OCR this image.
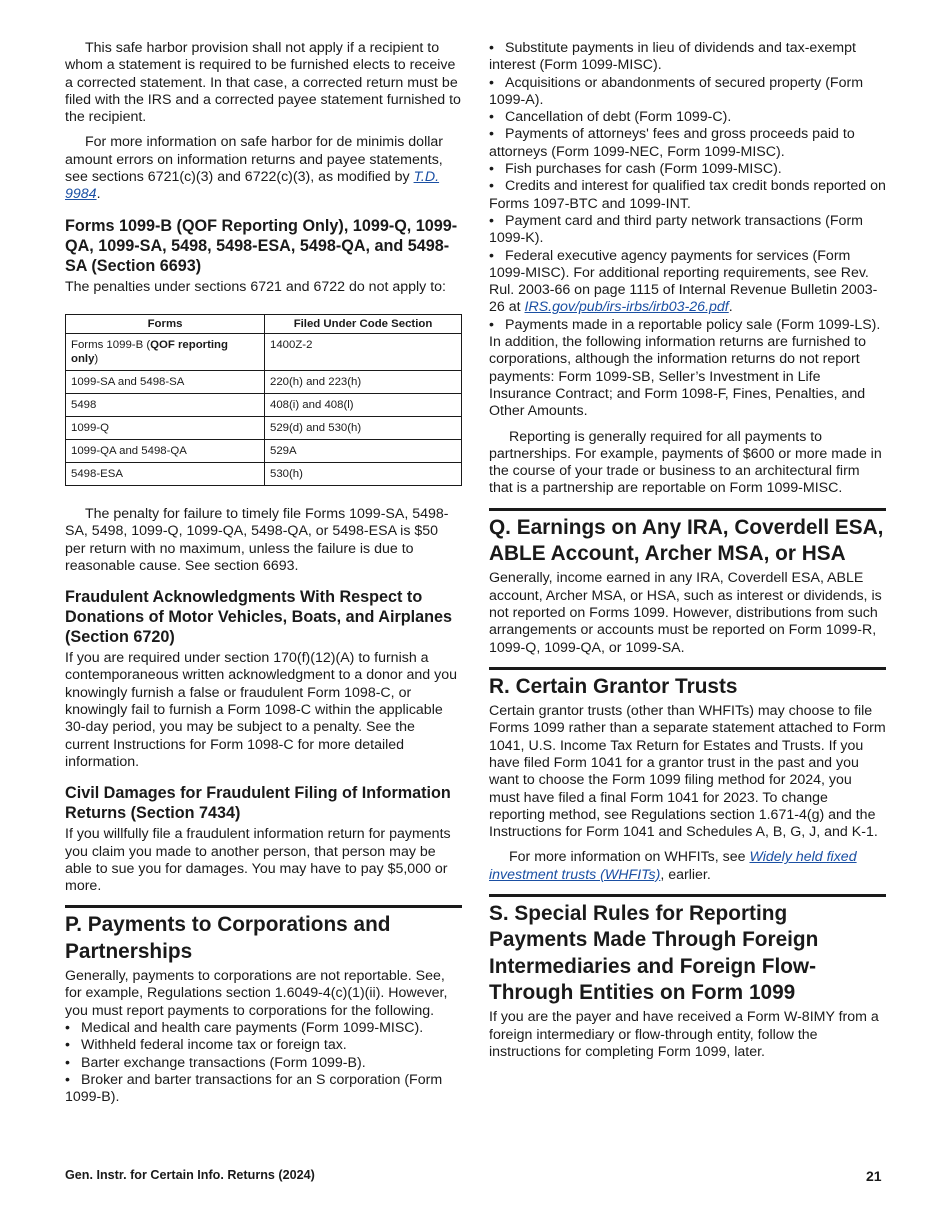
This safe harbor provision shall not apply if a recipient to whom a statement is required to be furnished elects to receive a corrected statement. In that case, a corrected return must be filed with the IRS and a corrected payee statement furnished to the recipient.

For more information on safe harbor for de minimis dollar amount errors on information returns and payee statements, see sections 6721(c)(3) and 6722(c)(3), as modified by T.D. 9984.

Forms 1099-B (QOF Reporting Only), 1099-Q, 1099-QA, 1099-SA, 5498, 5498-ESA, 5498-QA, and 5498-SA (Section 6693)

The penalties under sections 6721 and 6722 do not apply to:

Forms	Filed Under Code Section
Forms 1099-B (QOF reporting
only)	1400Z-2
1099-SA and 5498-SA	220(h) and 223(h)
5498	408(i) and 408(l)
1099-Q	529(d) and 530(h)
1099-QA and 5498-QA	529A
5498-ESA	530(h)

The penalty for failure to timely file Forms 1099-SA, 5498-SA, 5498, 1099-Q, 1099-QA, 5498-QA, or 5498-ESA is $50 per return with no maximum, unless the failure is due to reasonable cause. See section 6693.

Fraudulent Acknowledgments With Respect to Donations of Motor Vehicles, Boats, and Airplanes (Section 6720)

If you are required under section 170(f)(12)(A) to furnish a contemporaneous written acknowledgment to a donor and you knowingly furnish a false or fraudulent Form 1098-C, or knowingly fail to furnish a Form 1098-C within the applicable 30-day period, you may be subject to a penalty. See the current Instructions for Form 1098-C for more detailed information.

Civil Damages for Fraudulent Filing of Information Returns (Section 7434)

If you willfully file a fraudulent information return for payments you claim you made to another person, that person may be able to sue you for damages. You may have to pay $5,000 or more.

P. Payments to Corporations and Partnerships

Generally, payments to corporations are not reportable. See, for example, Regulations section 1.6049-4(c)(1)(ii). However, you must report payments to corporations for the following.

• Medical and health care payments (Form 1099-MISC).
• Withheld federal income tax or foreign tax.
• Barter exchange transactions (Form 1099-B).
• Broker and barter transactions for an S corporation (Form 1099-B).
• Substitute payments in lieu of dividends and tax-exempt interest (Form 1099-MISC).
• Acquisitions or abandonments of secured property (Form 1099-A).
• Cancellation of debt (Form 1099-C).
• Payments of attorneys' fees and gross proceeds paid to attorneys (Form 1099-NEC, Form 1099-MISC).
• Fish purchases for cash (Form 1099-MISC).
• Credits and interest for qualified tax credit bonds reported on Forms 1097-BTC and 1099-INT.
• Payment card and third party network transactions (Form 1099-K).
• Federal executive agency payments for services (Form 1099-MISC). For additional reporting requirements, see Rev. Rul. 2003-66 on page 1115 of Internal Revenue Bulletin 2003-26 at IRS.gov/pub/irs-irbs/irb03-26.pdf.
• Payments made in a reportable policy sale (Form 1099-LS). In addition, the following information returns are furnished to corporations, although the information returns do not report payments: Form 1099-SB, Seller’s Investment in Life Insurance Contract; and Form 1098-F, Fines, Penalties, and Other Amounts.

Reporting is generally required for all payments to partnerships. For example, payments of $600 or more made in the course of your trade or business to an architectural firm that is a partnership are reportable on Form 1099-MISC.

Q. Earnings on Any IRA, Coverdell ESA, ABLE Account, Archer MSA, or HSA

Generally, income earned in any IRA, Coverdell ESA, ABLE account, Archer MSA, or HSA, such as interest or dividends, is not reported on Forms 1099. However, distributions from such arrangements or accounts must be reported on Form 1099-R, 1099-Q, 1099-QA, or 1099-SA.

R. Certain Grantor Trusts

Certain grantor trusts (other than WHFITs) may choose to file Forms 1099 rather than a separate statement attached to Form 1041, U.S. Income Tax Return for Estates and Trusts. If you have filed Form 1041 for a grantor trust in the past and you want to choose the Form 1099 filing method for 2024, you must have filed a final Form 1041 for 2023. To change reporting method, see Regulations section 1.671-4(g) and the Instructions for Form 1041 and Schedules A, B, G, J, and K-1.

For more information on WHFITs, see Widely held fixed investment trusts (WHFITs), earlier.

S. Special Rules for Reporting Payments Made Through Foreign Intermediaries and Foreign Flow-Through Entities on Form 1099

If you are the payer and have received a Form W-8IMY from a foreign intermediary or flow-through entity, follow the instructions for completing Form 1099, later.

Gen. Instr. for Certain Info. Returns (2024)	21
